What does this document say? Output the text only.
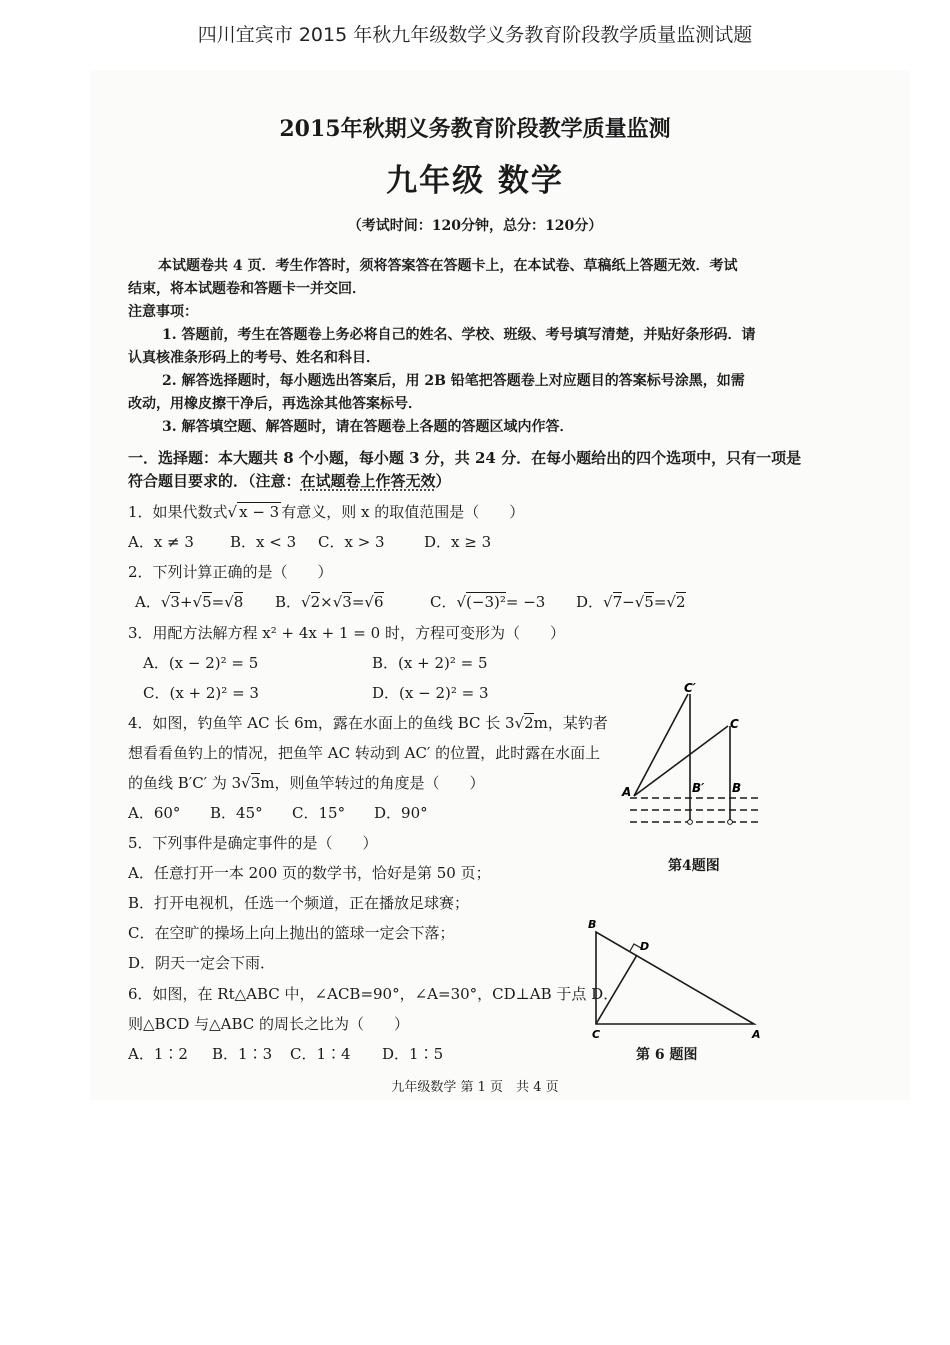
四川宜宾市 2015 年秋九年级数学义务教育阶段教学质量监测试题
2015年秋期义务教育阶段教学质量监测
九年级 数学
（考试时间：120分钟，总分：120分）
本试题卷共 4 页．考生作答时，须将答案答在答题卡上，在本试卷、草稿纸上答题无效．考试
结束，将本试题卷和答题卡一并交回．
注意事项：
1. 答题前，考生在答题卷上务必将自己的姓名、学校、班级、考号填写清楚，并贴好条形码．请
认真核准条形码上的考号、姓名和科目．
2. 解答选择题时，每小题选出答案后，用 2B 铅笔把答题卷上对应题目的答案标号涂黑，如需
改动，用橡皮擦干净后，再选涂其他答案标号．
3. 解答填空题、解答题时，请在答题卷上各题的答题区域内作答．
一．选择题：本大题共 8 个小题，每小题 3 分，共 24 分．在每小题给出的四个选项中，只有一项是
符合题目要求的．（注意：在试题卷上作答无效）
1．如果代数式√ x − 3 有意义，则 x 的取值范围是（　　）
A．x ≠ 3 B．x < 3 C．x > 3	D．x ≥ 3
2．下列计算正确的是（　　）
A．√3+√5=√8 B．√2×√3=√6	C．√(−3)²= −3 D．√7−√5=√2
3．用配方法解方程 x² + 4x + 1 = 0 时，方程可变形为（　　）
A．(x − 2)² = 5	B．(x + 2)² = 5
C．(x + 2)² = 3	D．(x − 2)² = 3
4．如图，钓鱼竿 AC 长 6m，露在水面上的鱼线 BC 长 3√2m，某钓者
想看看鱼钓上的情况，把鱼竿 AC 转动到 AC′ 的位置，此时露在水面上
的鱼线 B′C′ 为 3√3m，则鱼竿转过的角度是（　　）
A．60° B．45° C．15° D．90°
C′
C
A	B′ B
第4题图
5．下列事件是确定事件的是（　　）
A．任意打开一本 200 页的数学书，恰好是第 50 页；
B．打开电视机，任选一个频道，正在播放足球赛；
C．在空旷的操场上向上抛出的篮球一定会下落；
D．阴天一定会下雨．
6．如图，在 Rt△ABC 中，∠ACB=90°，∠A=30°，CD⊥AB 于点 D．
则△BCD 与△ABC 的周长之比为（　　）
A．1∶2 B．1∶3 C．1∶4 D．1∶5
B
D
C	A
第 6 题图
九年级数学 第 1 页　共 4 页
